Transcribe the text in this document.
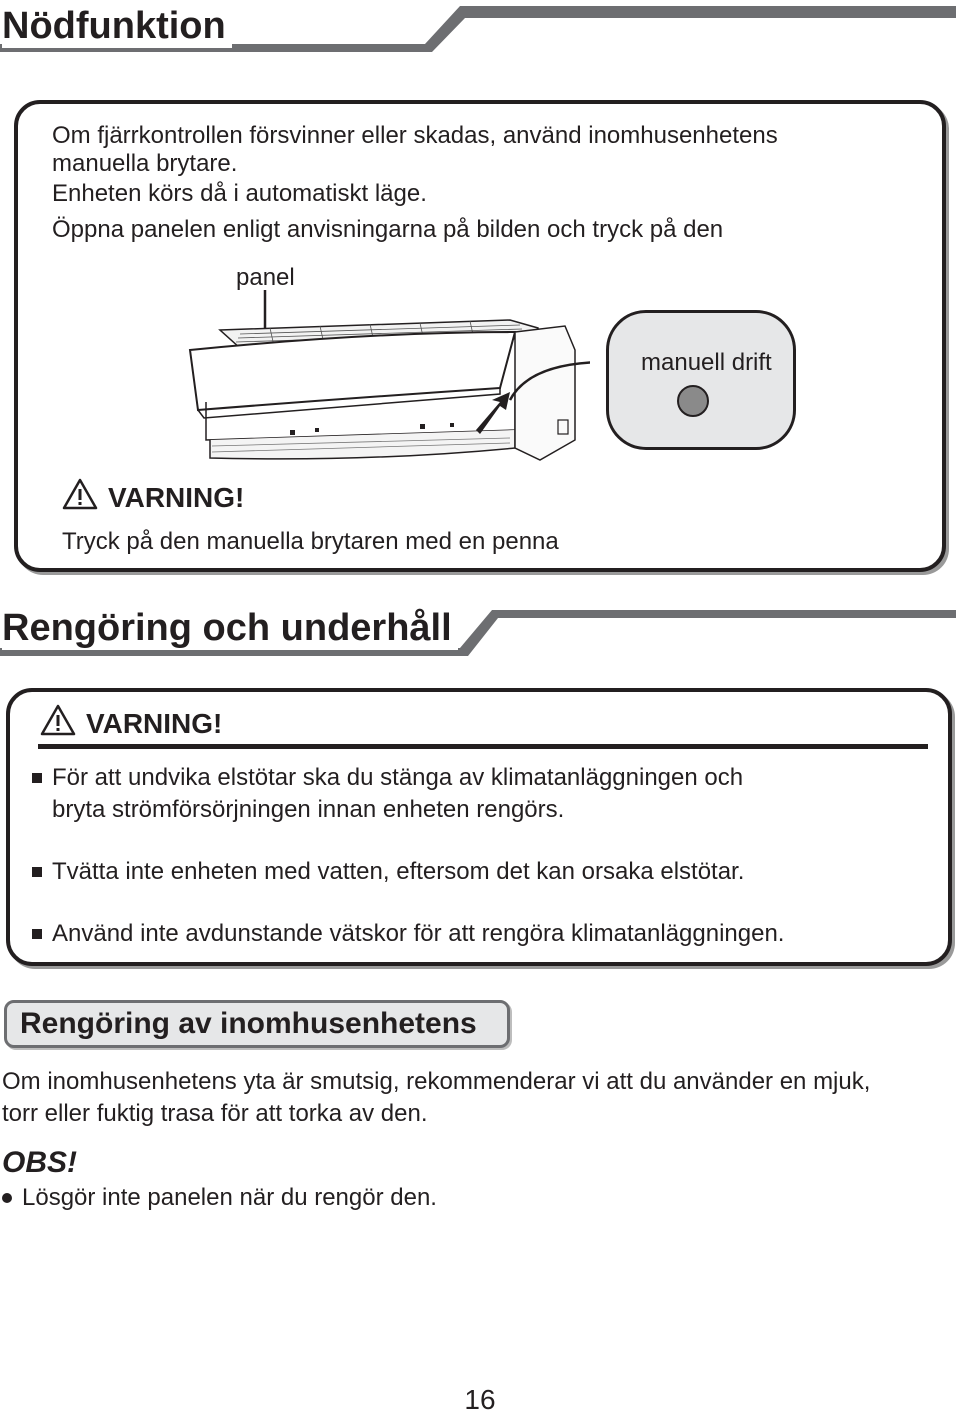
Nödfunktion
Om fjärrkontrollen försvinner eller skadas, använd inomhusenhetens manuella brytare.
Enheten körs då i automatiskt läge.
Öppna panelen enligt anvisningarna på bilden och tryck på den
panel
manuell drift
VARNING!
Tryck på den manuella brytaren med en penna
Rengöring och underhåll
VARNING!
För att undvika elstötar ska du stänga av klimatanläggningen och bryta strömförsörjningen innan enheten rengörs.
Tvätta inte enheten med vatten, eftersom det kan orsaka elstötar.
Använd inte avdunstande vätskor för att rengöra klimatanläggningen.
Rengöring av inomhusenhetens
Om inomhusenhetens yta är smutsig, rekommenderar vi att du använder en mjuk, torr eller fuktig trasa för att torka av den.
OBS!
Lösgör inte panelen när du rengör den.
16
